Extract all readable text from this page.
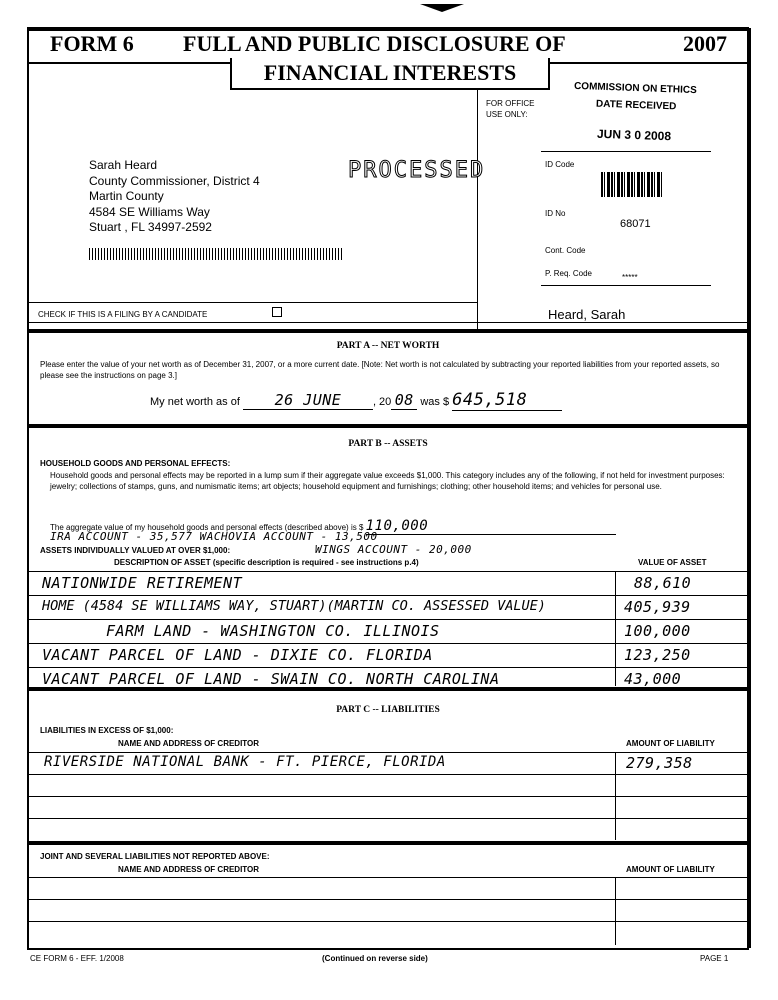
FORM 6 FULL AND PUBLIC DISCLOSURE OF	2007
FINANCIAL INTERESTS
FOR OFFICE
USE ONLY:
COMMISSION ON ETHICS
DATE RECEIVED
JUN 3 0 2008
ID Code
ID No
68071
Cont. Code
P. Req. Code	*****
Heard, Sarah
Sarah Heard
County Commissioner, District 4
Martin County
4584 SE Williams Way
Stuart , FL 34997-2592
PROCESSED
CHECK IF THIS IS A FILING BY A CANDIDATE
PART A -- NET WORTH
Please enter the value of your net worth as of December 31, 2007, or a more current date. [Note: Net worth is not calculated by subtracting your reported liabilities from your reported assets, so please see the instructions on page 3.]
My net worth as of 26 JUNE	, 20 08 was $ 645,518
PART B -- ASSETS
HOUSEHOLD GOODS AND PERSONAL EFFECTS:
Household goods and personal effects may be reported in a lump sum if their aggregate value exceeds $1,000. This category includes any of the following, if not held for investment purposes: jewelry; collections of stamps, guns, and numismatic items; art objects; household equipment and furnishings; clothing; other household items; and vehicles for personal use.
The aggregate value of my household goods and personal effects (described above) is $ 110,000
IRA ACCOUNT - 35,577 WACHOVIA ACCOUNT - 13,500
ASSETS INDIVIDUALLY VALUED AT OVER $1,000:	WINGS ACCOUNT - 20,000
DESCRIPTION OF ASSET (specific description is required - see instructions p.4)	VALUE OF ASSET
NATIONWIDE RETIREMENT	88,610
HOME (4584 SE WILLIAMS WAY, STUART)(MARTIN CO. ASSESSED VALUE)	405,939
FARM LAND - WASHINGTON CO. ILLINOIS	100,000
VACANT PARCEL OF LAND - DIXIE CO. FLORIDA	123,250
VACANT PARCEL OF LAND - SWAIN CO. NORTH CAROLINA	43,000
PART C -- LIABILITIES
LIABILITIES IN EXCESS OF $1,000:
NAME AND ADDRESS OF CREDITOR	AMOUNT OF LIABILITY
RIVERSIDE NATIONAL BANK - FT. PIERCE, FLORIDA	279,358
JOINT AND SEVERAL LIABILITIES NOT REPORTED ABOVE:
NAME AND ADDRESS OF CREDITOR	AMOUNT OF LIABILITY
CE FORM 6 - EFF. 1/2008	(Continued on reverse side)	PAGE 1
